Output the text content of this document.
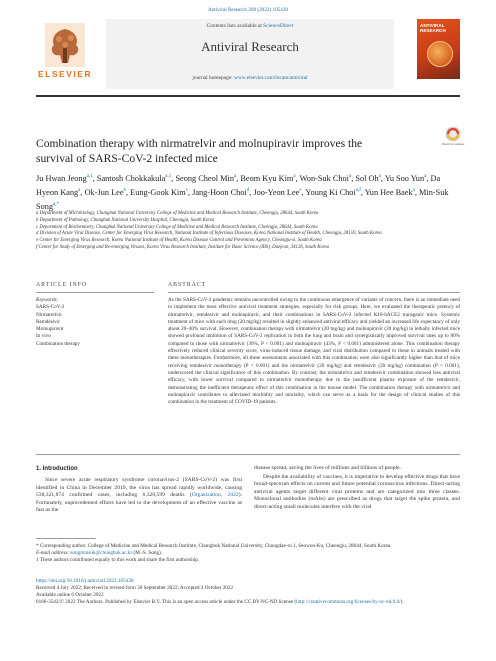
Antiviral Research 208 (2022) 105430
ELSEVIER
Contents lists available at ScienceDirect
Antiviral Research
journal homepage: www.elsevier.com/locate/antiviral
ANTIVIRAL RESEARCH
Combination therapy with nirmatrelvir and molnupiravir improves the survival of SARS-CoV-2 infected mice
Check for updates
Ju Hwan Jeong$^{a,1}$, Santosh Chokkakula$^{a,1}$, Seong Cheol Min$^a$, Beom Kyu Kim$^a$, Won-Suk Choi$^a$, Sol Oh$^a$, Yu Soo Yun$^a$, Da Hyeon Kang$^a$, Ok-Jun Lee$^b$, Eung-Gook Kim$^c$, Jang-Hoon Choi$^d$, Joo-Yeon Lee$^e$, Young Ki Choi$^{a,f}$, Yun Hee Baek$^a$, Min-Suk Song$^{a,*}$
a Department of Microbiology, Chungbuk National University College of Medicine and Medical Research Institute, Cheongju, 28644, South Korea
b Department of Pathology, Chungbuk National University Hospital, Cheongju, South Korea
c Department of Biochemistry, Chungbuk National University College of Medicine and Medical Research Institute, Cheongju, 28644, South Korea
d Division of Acute Viral Disease, Center for Emerging Virus Research, National Institute of Infectious Diseases, Korea National Institute of Health, Cheongju, 28159, South Korea
e Center for Emerging Virus Research, Korea National Institute of Health, Korea Disease Control and Prevention Agency, Cheongju-si, South Korea
f Center for Study of Emerging and Re-emerging Viruses, Korea Virus Research Institute, Institute for Basic Science (IBS), Daejeon, 34126, South Korea
ARTICLE INFO	ABSTRACT
Keywords:
SARS-CoV-2
Nirmatrelvir
Remdesivir
Molnupiravir
In vivo
Combination therapy
As the SARS-CoV-2 pandemic remains uncontrolled owing to the continuous emergence of variants of concern, there is an immediate need to implement the most effective antiviral treatment strategies, especially for risk groups. Here, we evaluated the therapeutic potency of nirmatrelvir, remdesivir and molnupiravir, and their combinations in SARS-CoV-2 infected K18-hACE2 transgenic mice. Systemic treatment of mice with each drug (20 mg/kg) resulted in slightly enhanced antiviral efficacy and yielded an increased life expectancy of only about 20–40% survival. However, combination therapy with nirmatrelvir (20 mg/kg) and molnupiravir (20 mg/kg) in lethally infected mice showed profound inhibition of SARS-CoV-2 replication in both the lung and brain and synergistically improved survival rates up to 80% compared to those with nirmatrelvir (36%, P < 0.001) and molnupiravir (43%, P < 0.001) administered alone. This combination therapy effectively reduced clinical severity score, virus-induced tissue damage, and viral distribution compared to those in animals treated with these monotherapies. Furthermore, all these assessments associated with this combination were also significantly higher than that of mice receiving remdesivir monotherapy (P < 0.001) and the nirmatrelvir (20 mg/kg) and remdesivir (20 mg/kg) combination (P < 0.001), underscored the clinical significance of this combination. By contrast, the nirmatrelvir and remdesivir combination showed less antiviral efficacy, with lower survival compared to nirmatrelvir monotherapy due to the insufficient plasma exposure of the remdesivir, demonstrating the inefficient therapeutic effect of this combination in the mouse model. The combination therapy with nirmatrelvir and molnupiravir contributes to alleviated morbidity and mortality, which can serve as a basis for the design of clinical studies of this combination in the treatment of COVID-19 patients.
1. Introduction
Since severe acute respiratory syndrome coronavirus-2 (SARS-CoV-2) was first identified in China in December 2019, the virus has spread rapidly worldwide, causing 538,321,874 confirmed cases, including 6,320,599 deaths (Organization, 2022). Fortunately, unprecedented efforts have led to the development of an effective vaccine as fast as the
disease spread, saving the lives of millions and billions of people.
Despite the availability of vaccines, it is imperative to develop effective drugs that have broad-spectrum effects on current and future potential coronavirus infections. Direct-acting antiviral agents target different viral proteins and are categorized into three classes. Monoclonal antibodies (mAbs) are prescribed as drugs that target the spike protein, and direct-acting small molecules interfere with the viral
* Corresponding author. College of Medicine and Medical Research Institute, Chungbuk National University, Chungdae-ro 1, Seowon-Ku, Cheongju, 28644, South Korea.
E-mail address: songminsuk@chungbuk.ac.kr (M.-S. Song).
1 These authors contributed equally to this work and share the first authorship.
https://doi.org/10.1016/j.antiviral.2022.105430
Received 4 July 2022; Received in revised form 30 September 2022; Accepted 3 October 2022
Available online 6 October 2022
0166-3542/© 2022 The Authors. Published by Elsevier B.V. This is an open access article under the CC BY-NC-ND license (http://creativecommons.org/licenses/by-nc-nd/4.0/).
